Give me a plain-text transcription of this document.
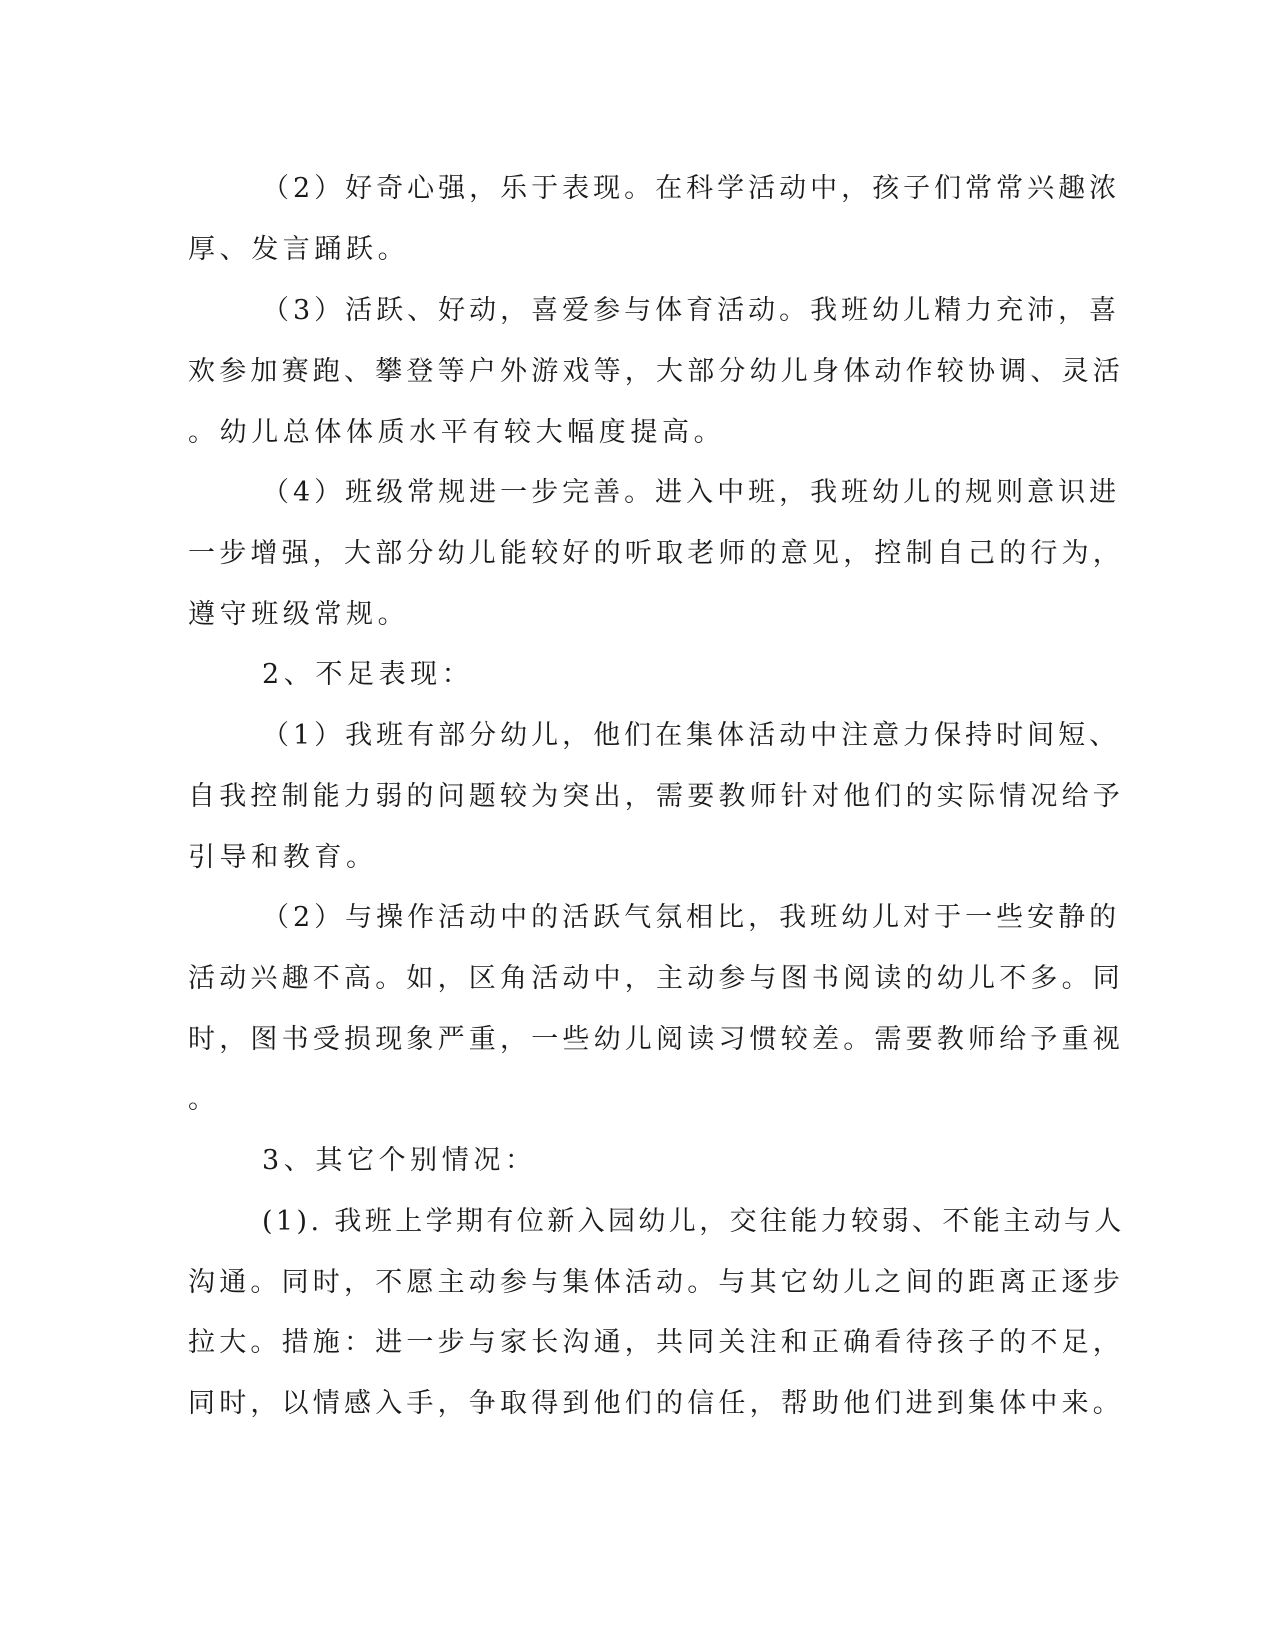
（2）好奇心强，乐于表现。在科学活动中，孩子们常常兴趣浓

厚、发言踊跃。

（3）活跃、好动，喜爱参与体育活动。我班幼儿精力充沛，喜

欢参加赛跑、攀登等户外游戏等，大部分幼儿身体动作较协调、灵活

。幼儿总体体质水平有较大幅度提高。

（4）班级常规进一步完善。进入中班，我班幼儿的规则意识进

一步增强，大部分幼儿能较好的听取老师的意见，控制自己的行为，

遵守班级常规。

2、不足表现：

（1）我班有部分幼儿，他们在集体活动中注意力保持时间短、

自我控制能力弱的问题较为突出，需要教师针对他们的实际情况给予

引导和教育。

（2）与操作活动中的活跃气氛相比，我班幼儿对于一些安静的

活动兴趣不高。如，区角活动中，主动参与图书阅读的幼儿不多。同

时，图书受损现象严重，一些幼儿阅读习惯较差。需要教师给予重视

。

3、其它个别情况：

(1). 我班上学期有位新入园幼儿，交往能力较弱、不能主动与人

沟通。同时，不愿主动参与集体活动。与其它幼儿之间的距离正逐步

拉大。措施：进一步与家长沟通，共同关注和正确看待孩子的不足，

同时，以情感入手，争取得到他们的信任，帮助他们进到集体中来。
